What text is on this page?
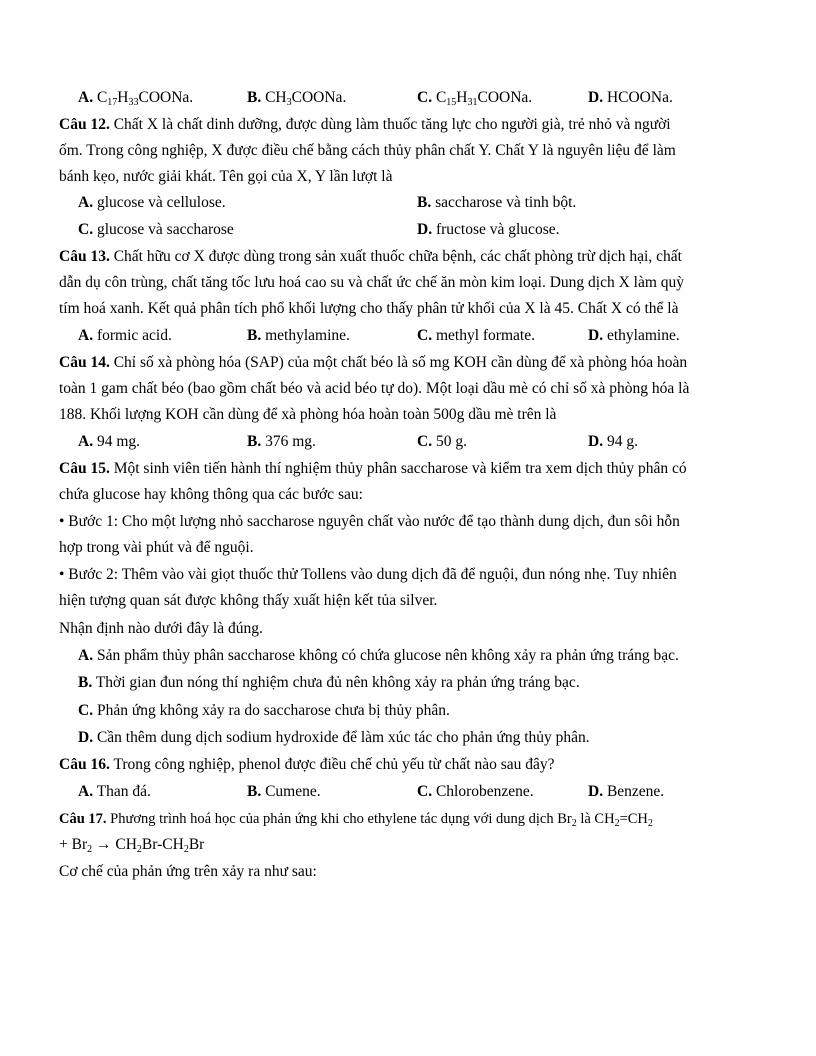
A. $C_{17}H_{33}COONa$.	B. $CH_3COONa$.	C. $C_{15}H_{31}COONa$.	D. HCOONa.
Câu 12. Chất X là chất dinh dưỡng, được dùng làm thuốc tăng lực cho người già, trẻ nhỏ và người
ốm. Trong công nghiệp, X được điều chế bằng cách thủy phân chất Y. Chất Y là nguyên liệu để làm
bánh kẹo, nước giải khát. Tên gọi của X, Y lần lượt là
A. glucose và cellulose.	B. saccharose và tinh bột.
C. glucose và saccharose	D. fructose và glucose.
Câu 13. Chất hữu cơ X được dùng trong sản xuất thuốc chữa bệnh, các chất phòng trừ dịch hại, chất
dẫn dụ côn trùng, chất tăng tốc lưu hoá cao su và chất ức chế ăn mòn kim loại. Dung dịch X làm quỳ
tím hoá xanh. Kết quả phân tích phổ khối lượng cho thấy phân tử khối của X là 45. Chất X có thể là
A. formic acid.	B. methylamine.	C. methyl formate.	D. ethylamine.
Câu 14. Chỉ số xà phòng hóa (SAP) của một chất béo là số mg KOH cần dùng để xà phòng hóa hoàn
toàn 1 gam chất béo (bao gồm chất béo và acid béo tự do). Một loại dầu mè có chỉ số xà phòng hóa là
188. Khối lượng KOH cần dùng để xà phòng hóa hoàn toàn 500g dầu mè trên là
A. 94 mg.	B. 376 mg.	C. 50 g.	D. 94 g.
Câu 15. Một sinh viên tiến hành thí nghiệm thủy phân saccharose và kiểm tra xem dịch thủy phân có
chứa glucose hay không thông qua các bước sau:
• Bước 1: Cho một lượng nhỏ saccharose nguyên chất vào nước để tạo thành dung dịch, đun sôi hỗn
hợp trong vài phút và để nguội.
• Bước 2: Thêm vào vài giọt thuốc thử Tollens vào dung dịch đã để nguội, đun nóng nhẹ. Tuy nhiên
hiện tượng quan sát được không thấy xuất hiện kết tủa silver.
Nhận định nào dưới đây là đúng.
A. Sản phẩm thủy phân saccharose không có chứa glucose nên không xảy ra phản ứng tráng bạc.
B. Thời gian đun nóng thí nghiệm chưa đủ nên không xảy ra phản ứng tráng bạc.
C. Phản ứng không xảy ra do saccharose chưa bị thủy phân.
D. Cần thêm dung dịch sodium hydroxide để làm xúc tác cho phản ứng thủy phân.
Câu 16. Trong công nghiệp, phenol được điều chế chủ yếu từ chất nào sau đây?
A. Than đá.	B. Cumene.	C. Chlorobenzene.	D. Benzene.
Câu 17. Phương trình hoá học của phản ứng khi cho ethylene tác dụng với dung dịch $Br_2$ là $CH_2=CH_2$
+ $Br_2 \to CH_2Br-CH_2Br$
Cơ chế của phản ứng trên xảy ra như sau:
